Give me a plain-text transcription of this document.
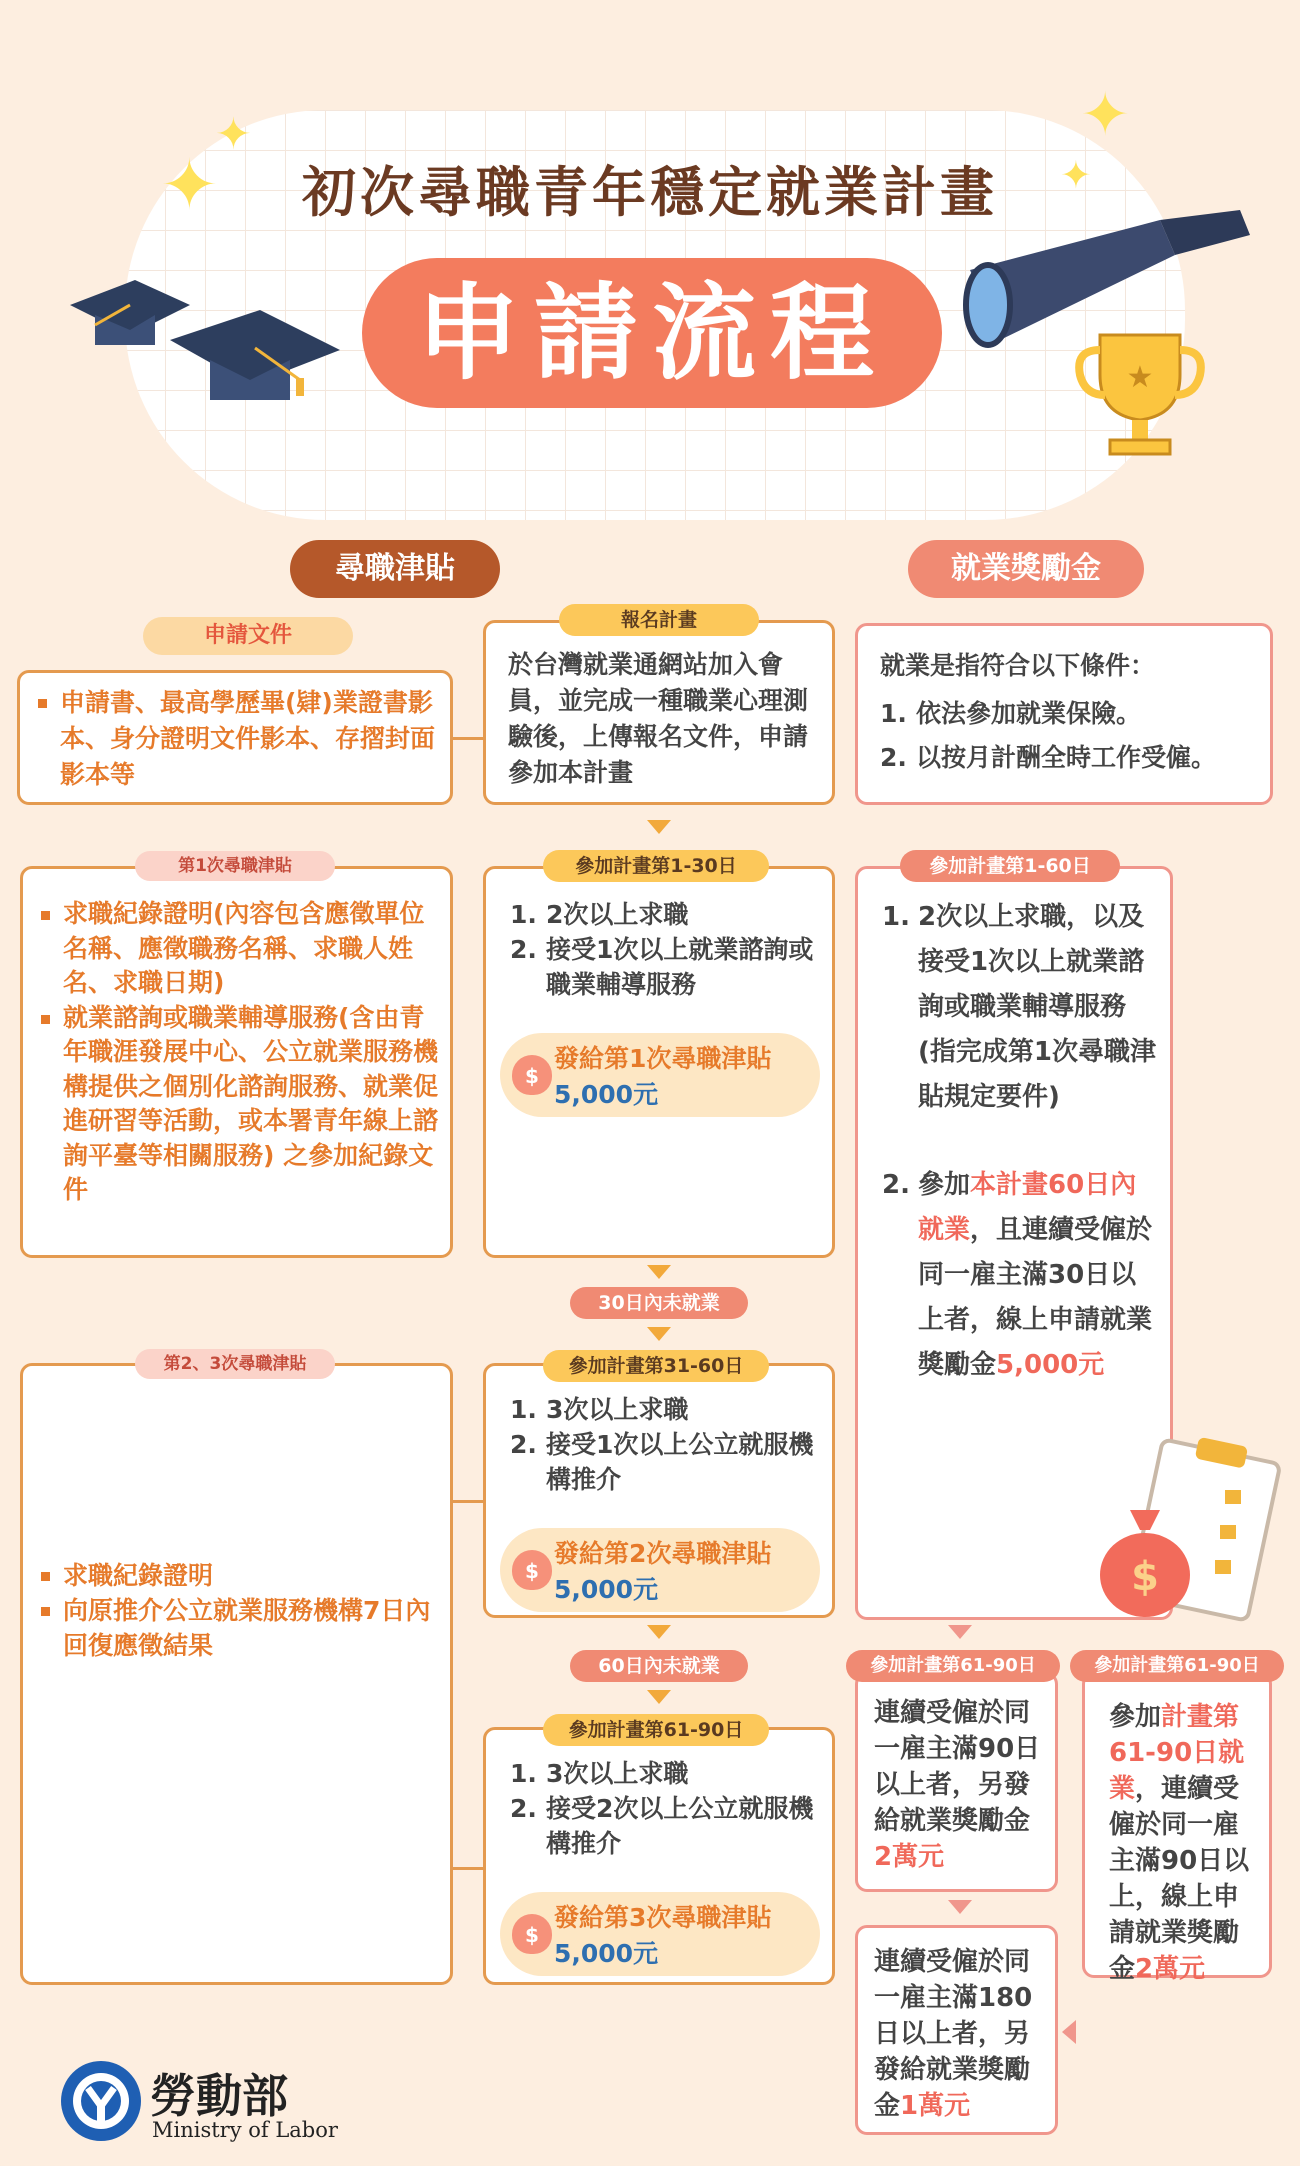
✦
✦	✦
✦
★
初次尋職青年穩定就業計畫
申請流程
尋職津貼	就業獎勵金
申請文件
申請書、最高學歷畢(肄)業證書影本、身分證明文件影本、存摺封面影本等
於台灣就業通網站加入會員，並完成一種職業心理測驗後，上傳報名文件，申請參加本計畫
報名計畫
就業是指符合以下條件：
1. 依法參加就業保險。
2. 以按月計酬全時工作受僱。
求職紀錄證明(內容包含應徵單位名稱、應徵職務名稱、求職人姓名、求職日期)
就業諮詢或職業輔導服務(含由青年職涯發展中心、公立就業服務機構提供之個別化諮詢服務、就業促進研習等活動，或本署青年線上諮詢平臺等相關服務) 之參加紀錄文件
第1次尋職津貼
1. 2次以上求職
2. 接受1次以上就業諮詢或職業輔導服務
$
發給第1次尋職津貼
5,000元
參加計畫第1-30日
1. 2次以上求職，以及接受1次以上就業諮詢或職業輔導服務(指完成第1次尋職津貼規定要件)
2. 參加本計畫60日內就業，且連續受僱於同一雇主滿30日以上者，線上申請就業獎勵金5,000元
參加計畫第1-60日
$
30日內未就業
求職紀錄證明
向原推介公立就業服務機構7日內回復應徵結果
第2、3次尋職津貼
1. 3次以上求職
2. 接受1次以上公立就服機構推介
$
發給第2次尋職津貼
5,000元
參加計畫第31-60日
60日內未就業
1. 3次以上求職
2. 接受2次以上公立就服機構推介
$
發給第3次尋職津貼
5,000元
參加計畫第61-90日
連續受僱於同一雇主滿90日以上者，另發給就業獎勵金2萬元
參加計畫第61-90日
參加計畫第61-90日就業，連續受僱於同一雇主滿90日以上，線上申請就業獎勵金2萬元
參加計畫第61-90日
連續受僱於同一雇主滿180日以上者，另發給就業獎勵金1萬元
勞動部
Ministry of Labor
